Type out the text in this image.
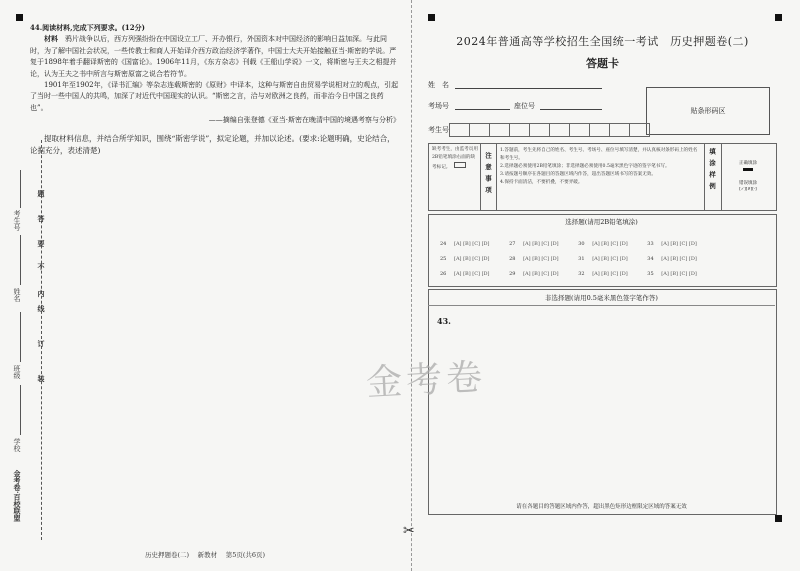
44.阅读材料,完成下列要求。(12分)

材料　 鸦片战争以后，西方列强纷纷在中国设立工厂、开办银行，外国资本对中国经济的影响日益加深。与此同时，为了解中国社会状况，一些传教士和商人开始译介西方政治经济学著作，中国士大夫开始接触亚当·斯密的学说。严复于1898年着手翻译斯密的《国富论》。1906年11月，《东方杂志》刊载《王船山学说》一文，将斯密与王夫之相提并论，认为王夫之书中所言与斯密原富之说合若符节。

1901年至1902年，《译书汇编》等杂志连载斯密的《原财》中译本，这种与斯密自由贸易学说相对立的观点，引起了当时一些中国人的共鸣，加深了对近代中国现实的认识。“斯密之言，洽与对欧洲之良药，而非治今日中国之良药也”。

——摘编自张登德《亚当·斯密在晚清中国的境遇考察与分析》

提取材料信息，并结合所学知识，围绕“斯密学说”，拟定论题，并加以论述。(要求:论题明确，史论结合，论据充分，表述清楚)

考生号
姓名
班级
学校
金考卷·百校联盟
装
订
线
内
不
要
答
题
历史押题卷(二)　 新教材　 第5页(共6页)
2024年普通高等学校招生全国统一考试　历史押题卷(二)
答题卡
姓　名
考场号	座位号
贴条形码区
考生号
缺考考生，由监考员用2B铅笔填涂右面的缺考标记。	注意事项
1.答题前，考生先将自己的姓名、考生号、考场号、座位号填写清楚，并认真核对条形码上的姓名和考生号。
2.选择题必须使用2B铅笔填涂；非选择题必须使用0.5毫米黑色字迹的签字笔书写。
3.请按题号顺序在各题目的答题区域内作答，超出答题区域书写的答案无效。
4.保持卡面清洁，不要折叠，不要弄破。	填涂样例	正确填涂
错误填涂
[✓][✗][-]
选择题(请用2B铅笔填涂)
24 [A] [B] [C] [D]	27 [A] [B] [C] [D]	30 [A] [B] [C] [D]	33 [A] [B] [C] [D]
25 [A] [B] [C] [D]	28 [A] [B] [C] [D]	31 [A] [B] [C] [D]	34 [A] [B] [C] [D]
26 [A] [B] [C] [D]	29 [A] [B] [C] [D]	32 [A] [B] [C] [D]	35 [A] [B] [C] [D]
非选择题(请用0.5毫米黑色签字笔作答)
43.
请在各题目的答题区域内作答，超出黑色矩形边框限定区域的答案无效
金考卷
✂
